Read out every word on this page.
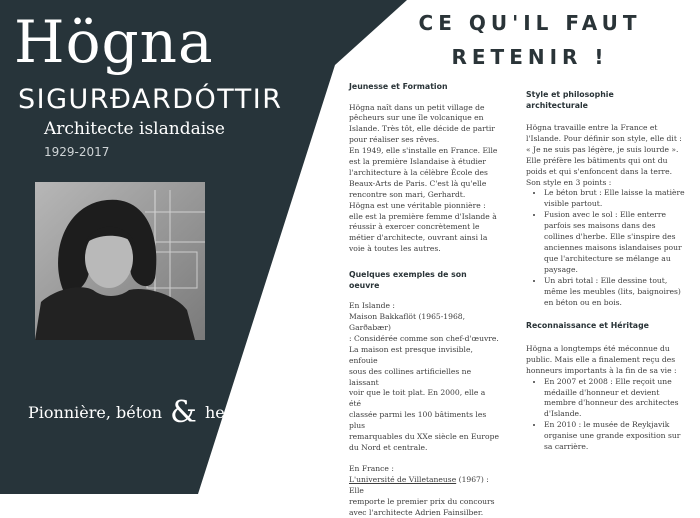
Högna
SIGURÐARDÓTTIR
Architecte islandaise
1929-2017
Pionnière, béton & herbe
CE QU'IL FAUT RETENIR !
Jeunesse et Formation

Högna naît dans un petit village de
pêcheurs sur une île volcanique en
Islande. Très tôt, elle décide de partir
pour réaliser ses rêves.
En 1949, elle s'installe en France. Elle
est la première Islandaise à étudier
l'architecture à la célèbre École des
Beaux-Arts de Paris. C'est là qu'elle
rencontre son mari, Gerhardt.
Högna est une véritable pionnière :
elle est la première femme d'Islande à
réussir à exercer concrètement le
métier d'architecte, ouvrant ainsi la
voie à toutes les autres.

Quelques exemples de son
oeuvre

En Islande :
Maison Bakkaflöt (1965-1968, Garðabær)
: Considérée comme son chef-d'œuvre.
La maison est presque invisible, enfouie
sous des collines artificielles ne laissant
voir que le toit plat. En 2000, elle a été
classée parmi les 100 bâtiments les plus
remarquables du XXe siècle en Europe
du Nord et centrale.

En France :
L'université de Villetaneuse (1967) : Elle
remporte le premier prix du concours
avec l'architecte Adrien Fainsilber.

Style et philosophie
architecturale

Högna travaille entre la France et
l'Islande. Pour définir son style, elle dit :
« Je ne suis pas légère, je suis lourde ».
Elle préfère les bâtiments qui ont du
poids et qui s'enfoncent dans la terre.
Son style en 3 points :

• Le béton brut : Elle laisse la matière
visible partout.
• Fusion avec le sol : Elle enterre
parfois ses maisons dans des
collines d'herbe. Elle s'inspire des
anciennes maisons islandaises pour
que l'architecture se mélange au
paysage.
• Un abri total : Elle dessine tout,
même les meubles (lits, baignoires)
en béton ou en bois.
Reconnaissance et Héritage

Högna a longtemps été méconnue du
public. Mais elle a finalement reçu des
honneurs importants à la fin de sa vie :

• En 2007 et 2008 : Elle reçoit une
médaille d'honneur et devient
membre d'honneur des architectes
d'Islande.
• En 2010 : le musée de Reykjavik
organise une grande exposition sur
sa carrière.
